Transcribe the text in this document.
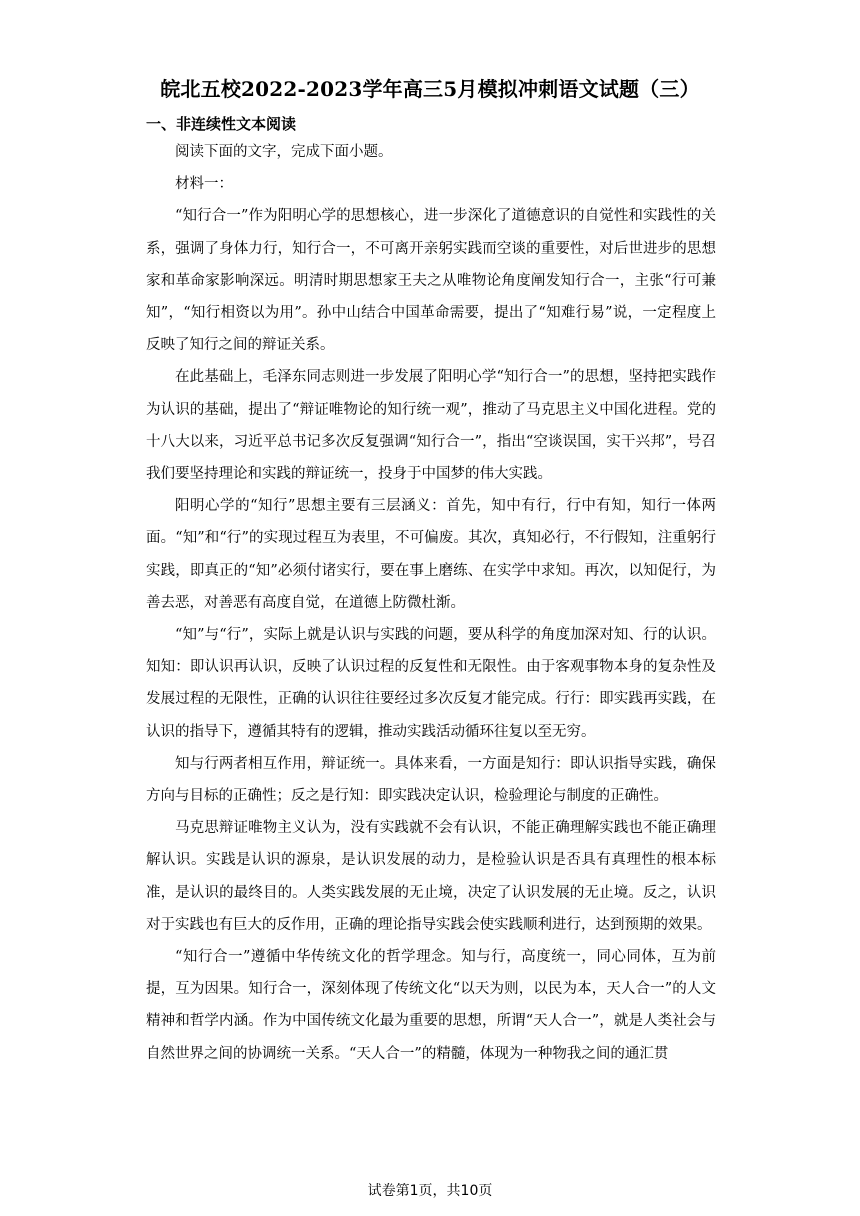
皖北五校2022-2023学年高三5月模拟冲刺语文试题（三）
一、非连续性文本阅读

阅读下面的文字，完成下面小题。

材料一：

“知行合一”作为阳明心学的思想核心，进一步深化了道德意识的自觉性和实践性的关系，强调了身体力行，知行合一，不可离开亲躬实践而空谈的重要性，对后世进步的思想家和革命家影响深远。明清时期思想家王夫之从唯物论角度阐发知行合一，主张“行可兼知”，“知行相资以为用”。孙中山结合中国革命需要，提出了“知难行易”说，一定程度上反映了知行之间的辩证关系。

在此基础上，毛泽东同志则进一步发展了阳明心学“知行合一”的思想，坚持把实践作为认识的基础，提出了“辩证唯物论的知行统一观”，推动了马克思主义中国化进程。党的十八大以来，习近平总书记多次反复强调“知行合一”，指出“空谈误国，实干兴邦”，号召我们要坚持理论和实践的辩证统一，投身于中国梦的伟大实践。

阳明心学的“知行”思想主要有三层涵义：首先，知中有行，行中有知，知行一体两面。“知”和“行”的实现过程互为表里，不可偏废。其次，真知必行，不行假知，注重躬行实践，即真正的“知”必须付诸实行，要在事上磨练、在实学中求知。再次，以知促行，为善去恶，对善恶有高度自觉，在道德上防微杜渐。

“知”与“行”，实际上就是认识与实践的问题，要从科学的角度加深对知、行的认识。知知：即认识再认识，反映了认识过程的反复性和无限性。由于客观事物本身的复杂性及发展过程的无限性，正确的认识往往要经过多次反复才能完成。行行：即实践再实践，在认识的指导下，遵循其特有的逻辑，推动实践活动循环往复以至无穷。

知与行两者相互作用，辩证统一。具体来看，一方面是知行：即认识指导实践，确保方向与目标的正确性；反之是行知：即实践决定认识，检验理论与制度的正确性。

马克思辩证唯物主义认为，没有实践就不会有认识，不能正确理解实践也不能正确理解认识。实践是认识的源泉，是认识发展的动力，是检验认识是否具有真理性的根本标准，是认识的最终目的。人类实践发展的无止境，决定了认识发展的无止境。反之，认识对于实践也有巨大的反作用，正确的理论指导实践会使实践顺利进行，达到预期的效果。

“知行合一”遵循中华传统文化的哲学理念。知与行，高度统一，同心同体，互为前提，互为因果。知行合一，深刻体现了传统文化“以天为则，以民为本，天人合一”的人文精神和哲学内涵。作为中国传统文化最为重要的思想，所谓“天人合一”，就是人类社会与自然世界之间的协调统一关系。“天人合一”的精髓，体现为一种物我之间的通汇贯

试卷第1页，共10页
